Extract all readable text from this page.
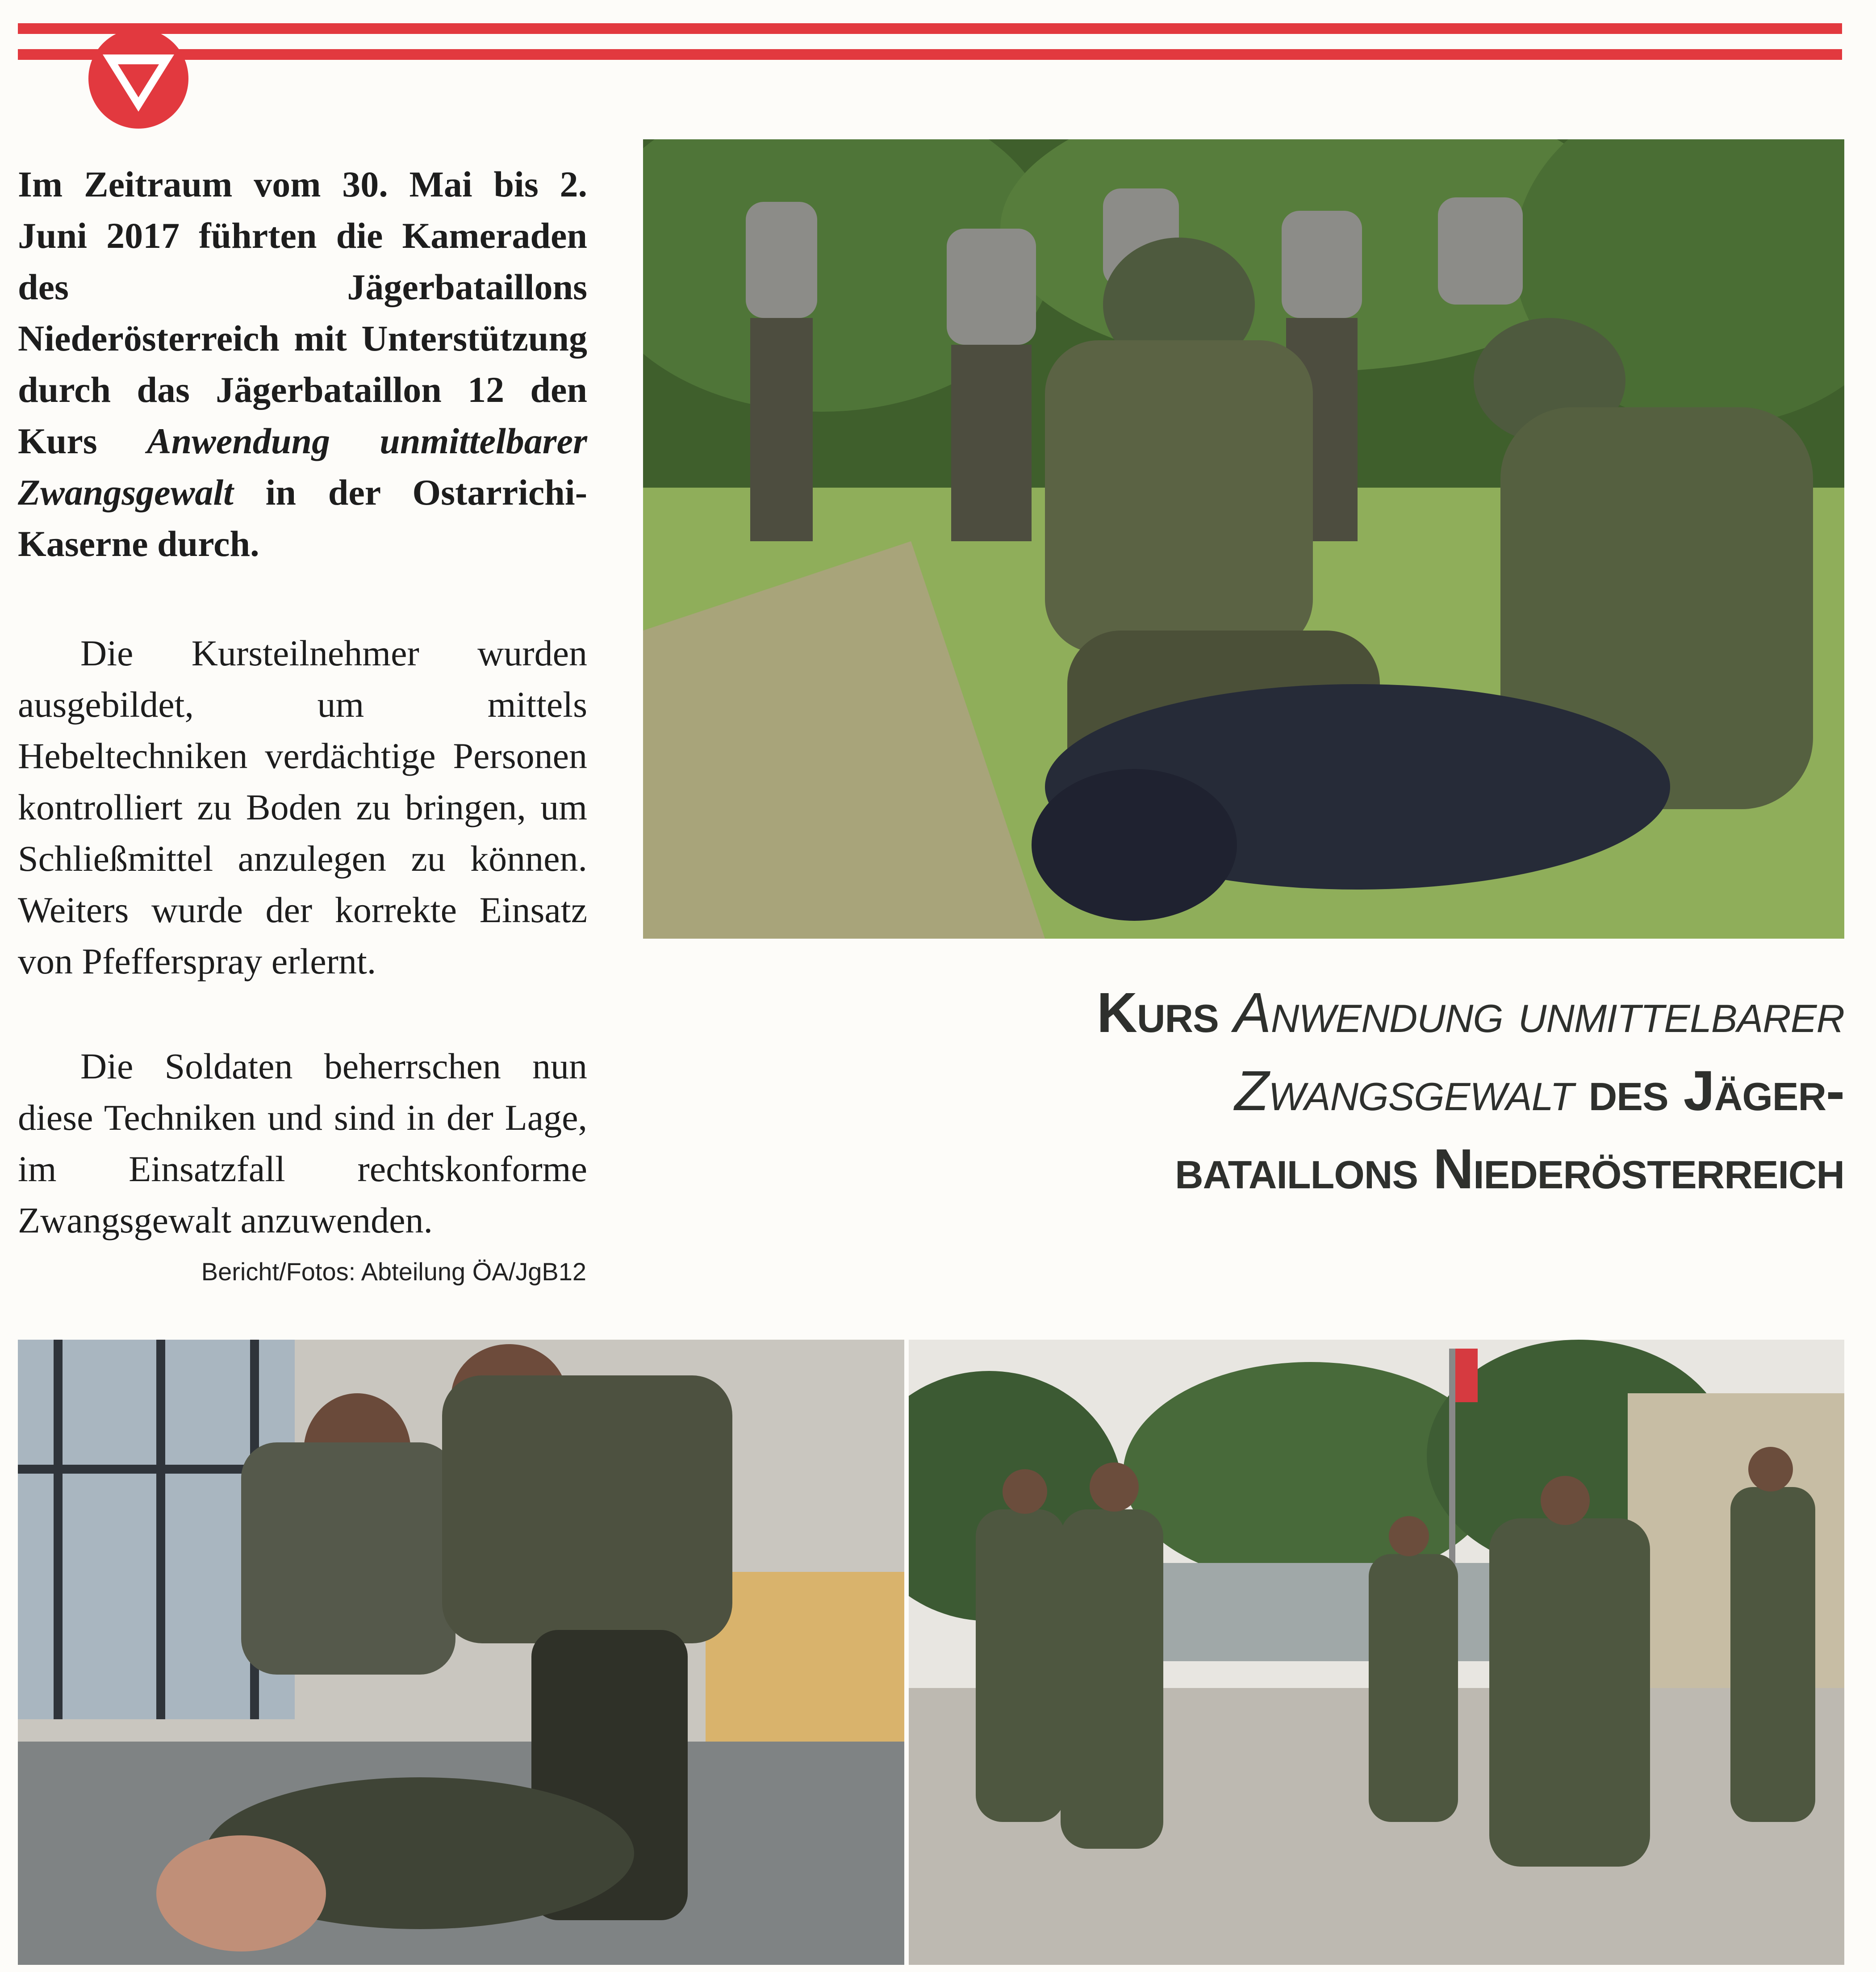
Im Zeitraum vom 30. Mai bis 2. Juni 2017 führten die Kameraden des Jägerbataillons Niederösterreich mit Unterstützung durch das Jägerbataillon 12 den Kurs Anwendung unmittelbarer Zwangsgewalt in der Ostarrichi-Kaserne durch.

Die Kursteilnehmer wurden ausgebildet, um mittels Hebeltechniken verdächtige Personen kontrolliert zu Boden zu bringen, um Schließmittel anzulegen zu können. Weiters wurde der korrekte Einsatz von Pfefferspray erlernt.

Die Soldaten beherrschen nun diese Techniken und sind in der Lage, im Einsatzfall rechtskonforme Zwangsgewalt anzuwenden.

Bericht/Fotos: Abteilung ÖA/JgB12

Kurs Anwendung unmittelbarer
Zwangsgewalt des Jäger-
bataillons Niederösterreich
